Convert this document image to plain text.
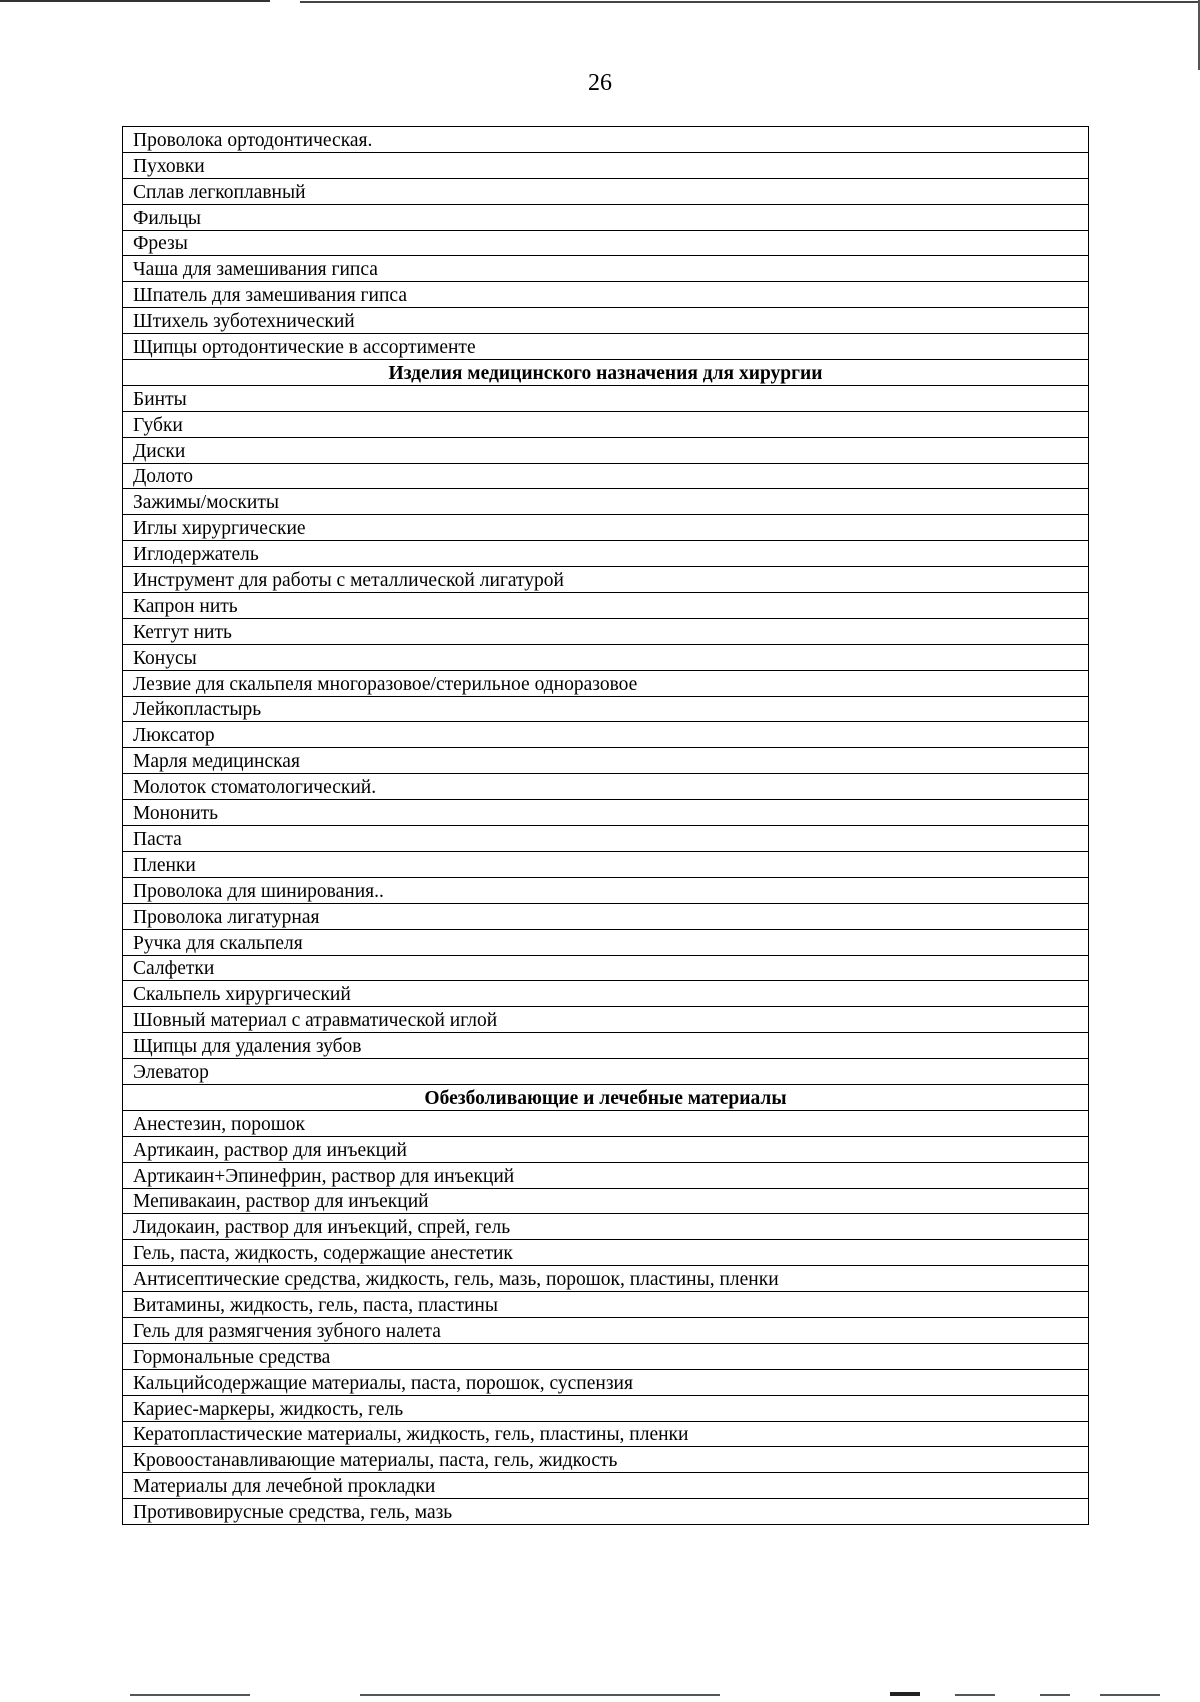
26
Проволока ортодонтическая.
Пуховки
Сплав легкоплавный
Фильцы
Фрезы
Чаша для замешивания гипса
Шпатель для замешивания гипса
Штихель зуботехнический
Щипцы ортодонтические в ассортименте
Изделия медицинского назначения для хирургии
Бинты
Губки
Диски
Долото
Зажимы/москиты
Иглы хирургические
Иглодержатель
Инструмент для работы с металлической лигатурой
Капрон нить
Кетгут нить
Конусы
Лезвие для скальпеля многоразовое/стерильное одноразовое
Лейкопластырь
Люксатор
Марля медицинская
Молоток стоматологический.
Мононить
Паста
Пленки
Проволока для шинирования..
Проволока лигатурная
Ручка для скальпеля
Салфетки
Скальпель хирургический
Шовный материал с атравматической иглой
Щипцы для удаления зубов
Элеватор
Обезболивающие и лечебные материалы
Анестезин, порошок
Артикаин, раствор для инъекций
Артикаин+Эпинефрин, раствор для инъекций
Мепивакаин, раствор для инъекций
Лидокаин, раствор для инъекций, спрей, гель
Гель, паста, жидкость, содержащие анестетик
Антисептические средства, жидкость, гель, мазь, порошок, пластины, пленки
Витамины, жидкость, гель, паста, пластины
Гель для размягчения зубного налета
Гормональные средства
Кальцийсодержащие материалы, паста, порошок, суспензия
Кариес-маркеры, жидкость, гель
Кератопластические материалы, жидкость, гель, пластины, пленки
Кровоостанавливающие материалы, паста, гель, жидкость
Материалы для лечебной прокладки
Противовирусные средства, гель, мазь
